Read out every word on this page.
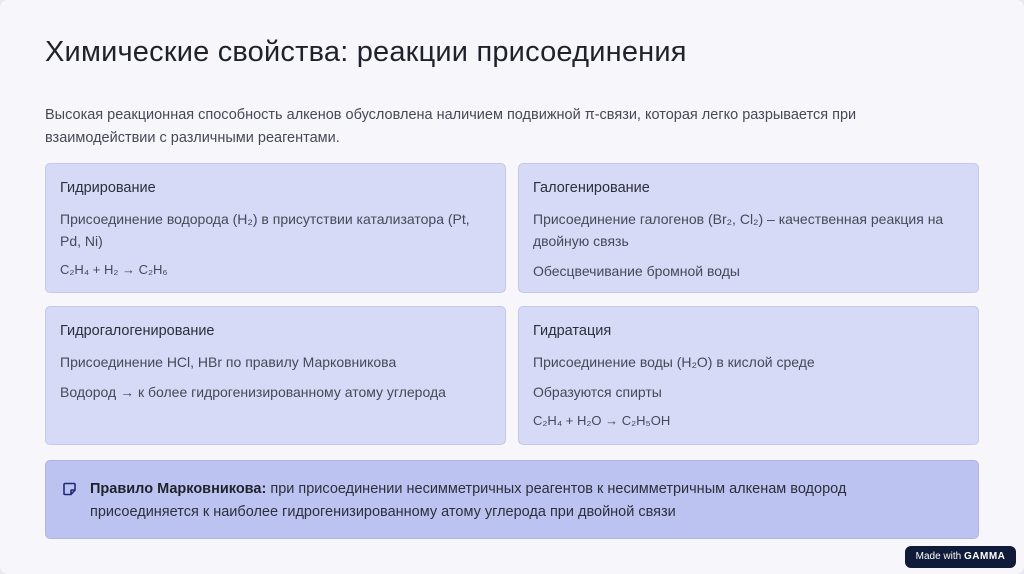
Химические свойства: реакции присоединения

Высокая реакционная способность алкенов обусловлена наличием подвижной π-связи, которая легко разрывается при взаимодействии с различными реагентами.

Гидрирование

Присоединение водорода (H₂) в присутствии катализатора (Pt, Pd, Ni)

C₂H₄ + H₂ → C₂H₆

Галогенирование

Присоединение галогенов (Br₂, Cl₂) – качественная реакция на двойную связь

Обесцвечивание бромной воды

Гидрогалогенирование

Присоединение HCl, HBr по правилу Марковникова

Водород → к более гидрогенизированному атому углерода

Гидратация

Присоединение воды (H₂O) в кислой среде

Образуются спирты

C₂H₄ + H₂O → C₂H₅OH

Правило Марковникова: при присоединении несимметричных реагентов к несимметричным алкенам водород присоединяется к наиболее гидрогенизированному атому углерода при двойной связи

Made with GAMMA
